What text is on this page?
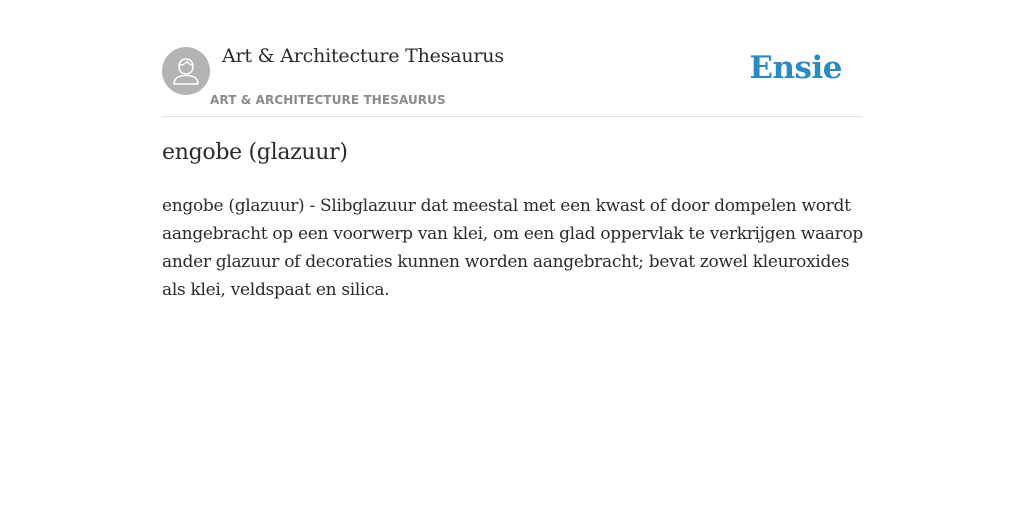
Art & Architecture Thesaurus
ART & ARCHITECTURE THESAURUS
Ensie
engobe (glazuur)

engobe (glazuur) - Slibglazuur dat meestal met een kwast of door dompelen wordt aangebracht op een voorwerp van klei, om een glad oppervlak te verkrijgen waarop ander glazuur of decoraties kunnen worden aangebracht; bevat zowel kleuroxides als klei, veldspaat en silica.
